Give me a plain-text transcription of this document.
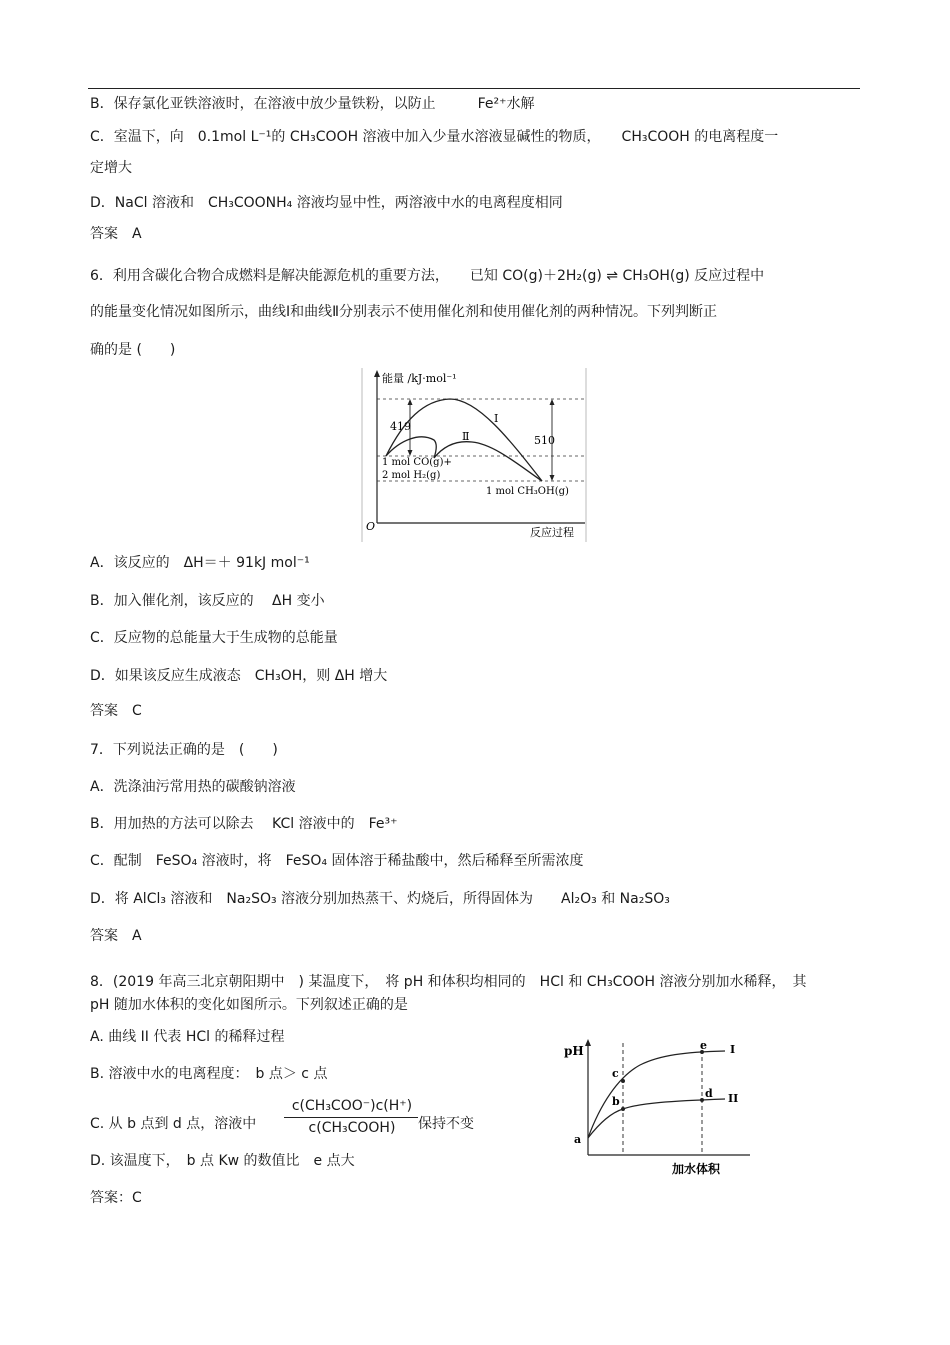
B．保存氯化亚铁溶液时，在溶液中放少量铁粉，以防止　　　Fe²⁺水解
C．室温下，向　0.1mol L⁻¹的 CH₃COOH 溶液中加入少量水溶液显碱性的物质，　　CH₃COOH 的电离程度一
定增大
D．NaCl 溶液和　CH₃COONH₄ 溶液均显中性，两溶液中水的电离程度相同
答案　A
6．利用含碳化合物合成燃料是解决能源危机的重要方法，　　已知 CO(g)＋2H₂(g) ⇌ CH₃OH(g) 反应过程中
的能量变化情况如图所示，曲线Ⅰ和曲线Ⅱ分别表示不使用催化剂和使用催化剂的两种情况。下列判断正
确的是 (　　)
能量 /kJ·mol⁻¹
O	反应过程
419
510
Ⅰ
Ⅱ
1 mol CO(g)+
2 mol H₂(g)
1 mol CH₃OH(g)
A．该反应的　ΔH＝＋ 91kJ mol⁻¹
B．加入催化剂，该反应的　 ΔH 变小
C．反应物的总能量大于生成物的总能量
D．如果该反应生成液态　CH₃OH，则 ΔH 增大
答案　C
7．下列说法正确的是　(　　)
A．洗涤油污常用热的碳酸钠溶液
B．用加热的方法可以除去　 KCl 溶液中的　Fe³⁺
C．配制　FeSO₄ 溶液时，将　FeSO₄ 固体溶于稀盐酸中，然后稀释至所需浓度
D．将 AlCl₃ 溶液和　Na₂SO₃ 溶液分别加热蒸干、灼烧后，所得固体为　　Al₂O₃ 和 Na₂SO₃
答案　A
8．(2019 年高三北京朝阳期中　) 某温度下，　将 pH 和体积均相同的　HCl 和 CH₃COOH 溶液分别加水稀释，　其
pH 随加水体积的变化如图所示。下列叙述正确的是
A. 曲线 II 代表 HCl 的稀释过程
B. 溶液中水的电离程度：　b 点＞ c 点
C. 从 b 点到 d 点，溶液中
c(CH₃COO⁻)c(H⁺)
c(CH₃COOH)	保持不变
D. 该温度下，　b 点 Kw 的数值比　e 点大
答案：C
pH
加水体积
a
b
c
d
e I
II
